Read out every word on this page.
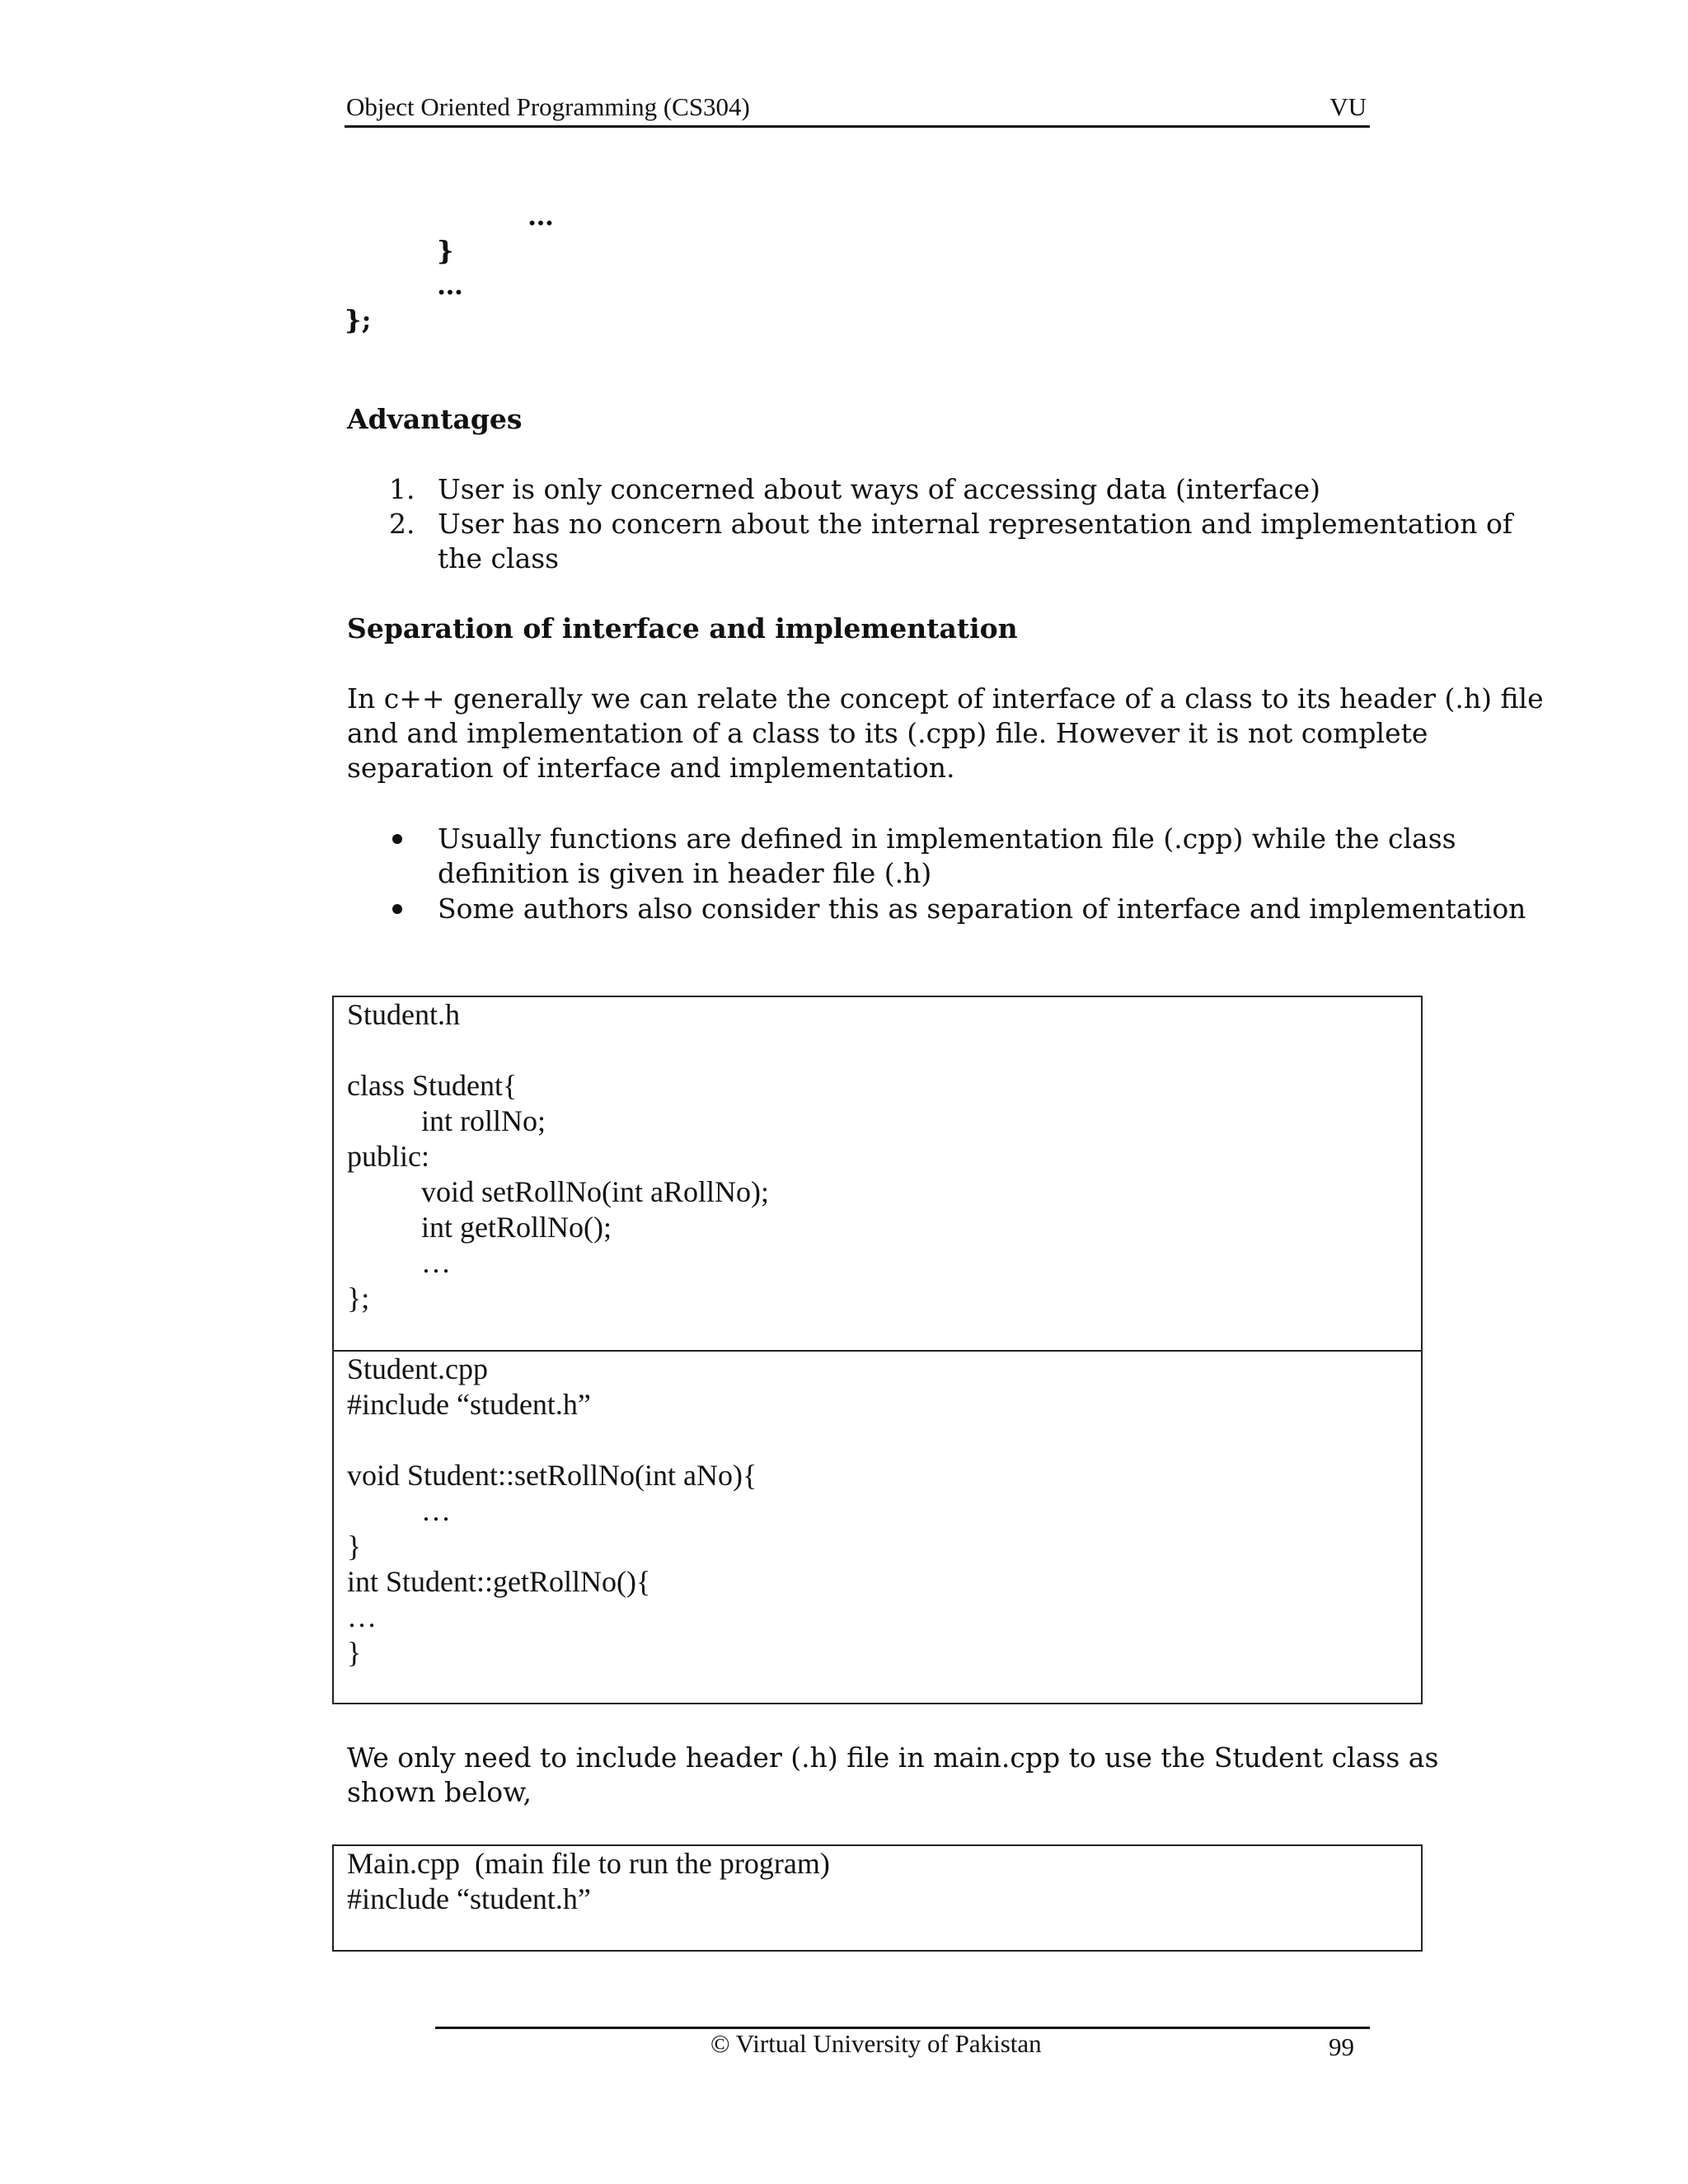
Object Oriented Programming (CS304)	VU
…
}
…
};
Advantages
1. User is only concerned about ways of accessing data (interface)
2. User has no concern about the internal representation and implementation of
the class
Separation of interface and implementation
In c++ generally we can relate the concept of interface of a class to its header (.h) file
and and implementation of a class to its (.cpp) file. However it is not complete
separation of interface and implementation.
Usually functions are defined in implementation file (.cpp) while the class
definition is given in header file (.h)
Some authors also consider this as separation of interface and implementation
Student.h
class Student{
int rollNo;
public:
void setRollNo(int aRollNo);
int getRollNo();
…
};
Student.cpp
#include “student.h”
void Student::setRollNo(int aNo){
…
}
int Student::getRollNo(){
…
}
We only need to include header (.h) file in main.cpp to use the Student class as
shown below,
Main.cpp  (main file to run the program)
#include “student.h”
© Virtual University of Pakistan	99
